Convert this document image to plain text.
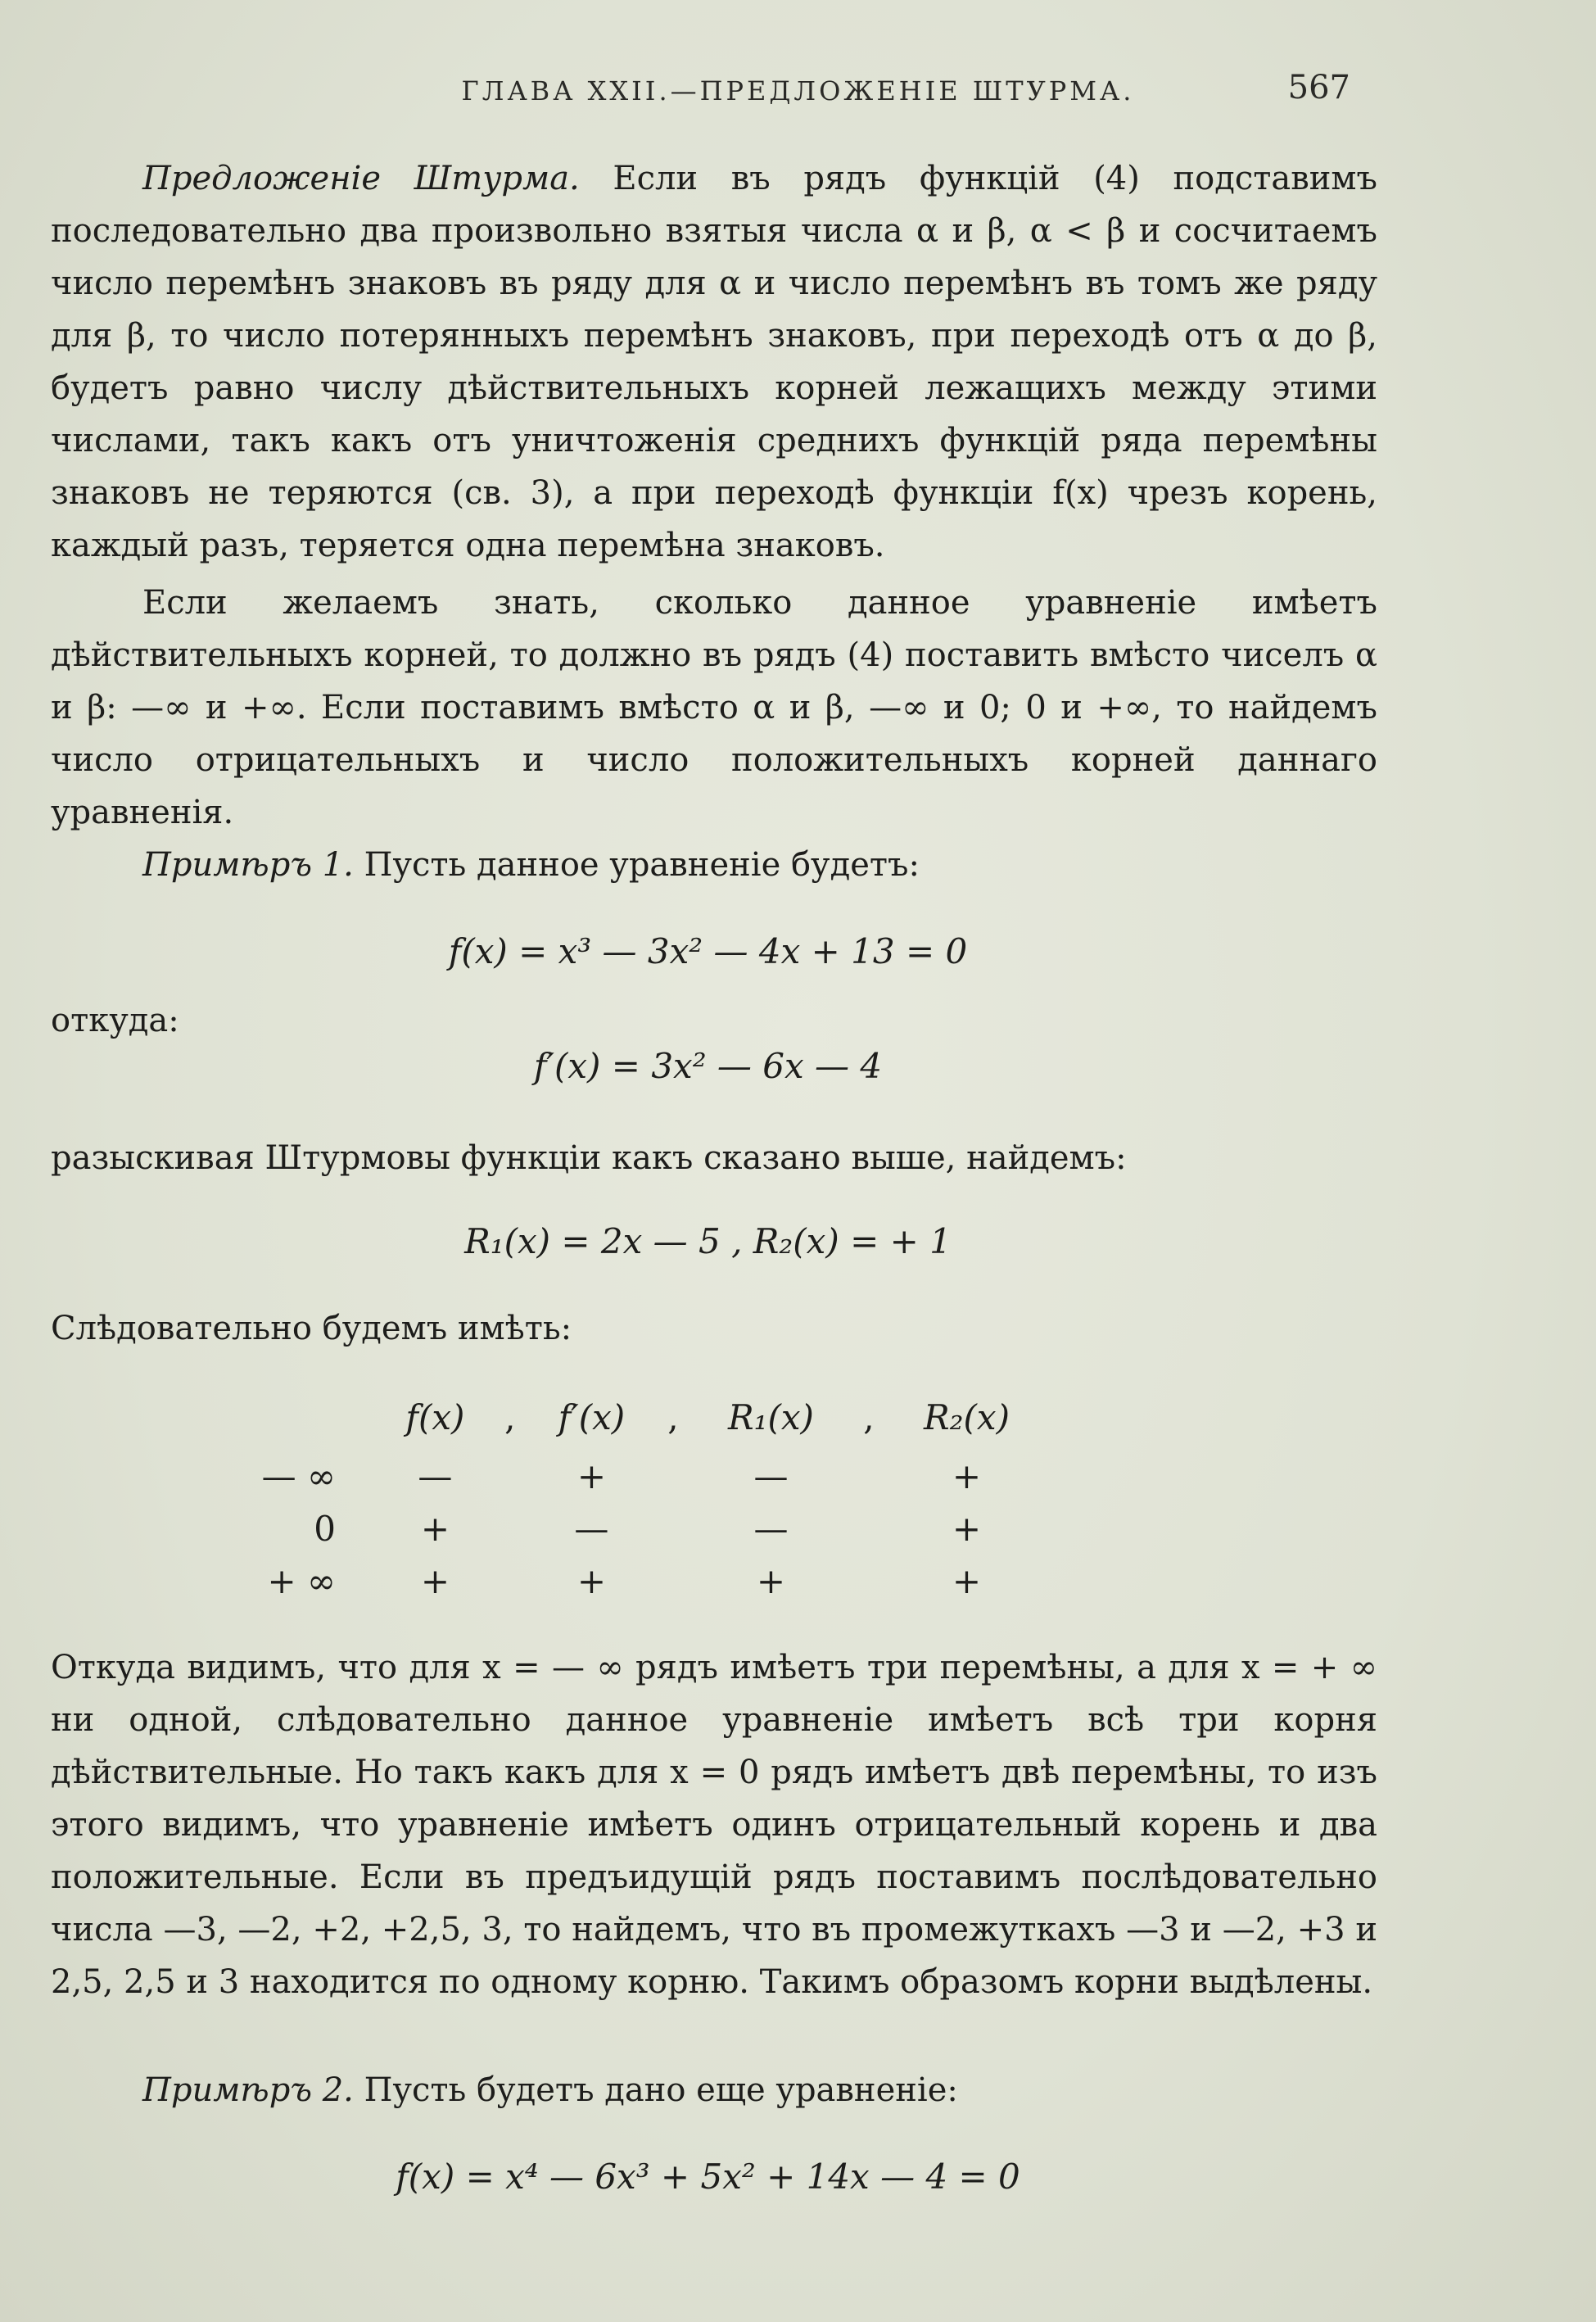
ГЛАВА XXII.—ПРЕДЛОЖЕНІЕ ШТУРМА.	567

Предложеніе Штурма. Если въ рядъ функцій (4) подставимъ последовательно два произвольно взятыя числа α и β, α < β и сосчитаемъ число перемѣнъ знаковъ въ ряду для α и число перемѣнъ въ томъ же ряду для β, то число потерянныхъ перемѣнъ знаковъ, при переходѣ отъ α до β, будетъ равно числу дѣйствительныхъ корней лежащихъ между этими числами, такъ какъ отъ уничтоженія среднихъ функцій ряда перемѣны знаковъ не теряются (св. 3), а при переходѣ функціи f(x) чрезъ корень, каждый разъ, теряется одна перемѣна знаковъ.

Если желаемъ знать, сколько данное уравненіе имѣетъ дѣйствительныхъ корней, то должно въ рядъ (4) поставить вмѣсто чиселъ α и β: —∞ и +∞. Если поставимъ вмѣсто α и β, —∞ и 0; 0 и +∞, то найдемъ число отрицательныхъ и число положительныхъ корней даннаго уравненія.

Примѣръ 1. Пусть данное уравненіе будетъ:

f(x) = x³ — 3x² — 4x + 13 = 0

откуда:

f′(x) = 3x² — 6x — 4

разыскивая Штурмовы функціи какъ сказано выше, найдемъ:

R₁(x) = 2x — 5 , R₂(x) = + 1

Слѣдовательно будемъ имѣть:

	f(x)	,	f′(x)	,	R₁(x)	,	R₂(x)
— ∞	—		+		—		+
0	+		—		—		+
+ ∞	+		+		+		+

Откуда видимъ, что для x = — ∞ рядъ имѣетъ три перемѣны, а для x = + ∞ ни одной, слѣдовательно данное уравненіе имѣетъ всѣ три корня дѣйствительные. Но такъ какъ для x = 0 рядъ имѣетъ двѣ перемѣны, то изъ этого видимъ, что уравненіе имѣетъ одинъ отрицательный корень и два положительные. Если въ предъидущій рядъ поставимъ послѣдовательно числа —3, —2, +2, +2,5, 3, то найдемъ, что въ промежуткахъ —3 и —2, +3 и 2,5, 2,5 и 3 находится по одному корню. Такимъ образомъ корни выдѣлены.

Примѣръ 2. Пусть будетъ дано еще уравненіе:

f(x) = x⁴ — 6x³ + 5x² + 14x — 4 = 0
